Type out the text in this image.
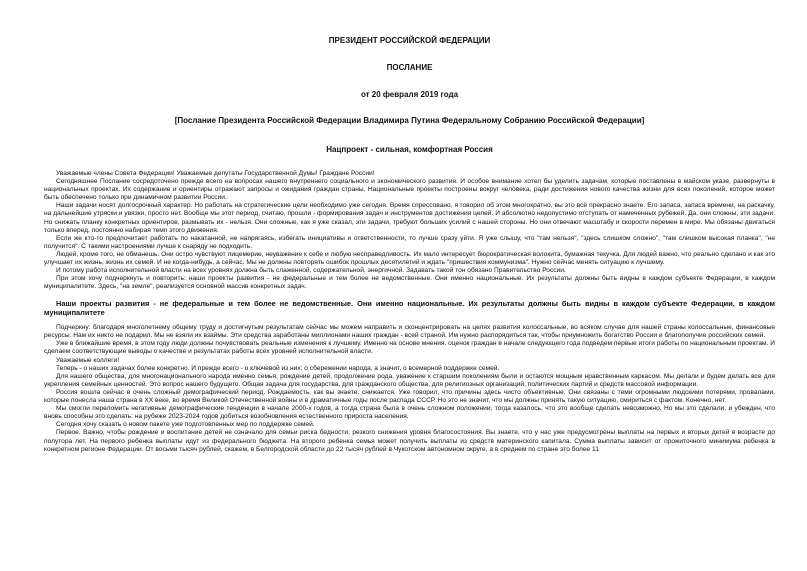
ПРЕЗИДЕНТ РОССИЙСКОЙ ФЕДЕРАЦИИ
ПОСЛАНИЕ
от 20 февраля 2019 года
[Послание Президента Российской Федерации Владимира Путина Федеральному Собранию Российской Федерации]
Нацпроект - сильная, комфортная Россия

Уважаемые члены Совета Федерации! Уважаемые депутаты Государственной Думы! Граждане России!

Сегодняшнее Послание сосредоточено прежде всего на вопросах нашего внутреннего социального и экономического развития. И особое внимание хотел бы уделить задачам, которые поставлены в майском указе, развернуты в национальных проектах. Их содержание и ориентиры отражают запросы и ожидания граждан страны. Национальные проекты построены вокруг человека, ради достижения нового качества жизни для всех поколений, которое может быть обеспечено только при динамичном развитии России.

Наши задачи носят долгосрочный характер. Но работать на стратегические цели необходимо уже сегодня. Время спрессовано, я говорил об этом многократно, вы это всё прекрасно знаете. Его запаса, запаса времени, на раскачку, на дальнейшие утряски и увязки, просто нет. Вообще мы этот период, считаю, прошли - формирования задач и инструментов достижения целей. И абсолютно недопустимо отступать от намеченных рубежей. Да, они сложны, эти задачи. Но снижать планку конкретных ориентиров, размывать их - нельзя. Они сложные, как я уже сказал, эти задачи, требуют больших усилий с нашей стороны. Но они отвечают масштабу и скорости перемен в мире. Мы обязаны двигаться только вперед, постоянно набирая темп этого движения.

Если же кто-то предпочитает работать по накатанной, не напрягаясь, избегать инициативы и ответственности, то лучше сразу уйти. Я уже слышу, что "там нельзя", "здесь слишком сложно", "там слишком высокая планка", "не получится". С такими настроениями лучше к снаряду не подходить.

Людей, кроме того, не обманешь. Они остро чувствуют лицемерие, неуважение к себе и любую несправедливость. Их мало интересует бюрократическая волокита, бумажная текучка. Для людей важно, что реально сделано и как это улучшает их жизнь, жизнь их семей. И не когда-нибудь, а сейчас. Мы не должны повторять ошибок прошлых десятилетий и ждать "пришествия коммунизма". Нужно сейчас менять ситуацию к лучшему.

И потому работа исполнительной власти на всех уровнях должна быть слаженной, содержательной, энергичной. Задавать такой тон обязано Правительство России.

При этом хочу подчеркнуть и повторить: наши проекты развития - не федеральные и тем более не ведомственные. Они именно национальные. Их результаты должны быть видны в каждом субъекте Федерации, в каждом муниципалитете. Здесь, "на земле", реализуется основной массив конкретных задач.

Наши проекты развития - не федеральные и тем более не ведомственные. Они именно национальные. Их результаты должны быть видны в каждом субъекте Федерации, в каждом муниципалитете

Подчеркну: благодаря многолетнему общему труду и достигнутым результатам сейчас мы можем направить и сконцентрировать на целях развития колоссальные, во всяком случае для нашей страны колоссальные, финансовые ресурсы. Нам их никто не подарил. Мы не взяли их взаймы. Эти средства заработаны миллионами наших граждан - всей страной. Им нужно распорядиться так, чтобы приумножить богатство России и благополучие российских семей.

Уже в ближайшие время, в этом году люди должны почувствовать реальные изменения к лучшему. Именно на основе мнения, оценок граждан в начале следующего года подведем первые итоги работы по национальным проектам. И сделаем соответствующие выводы о качестве и результатах работы всех уровней исполнительной власти.

Уважаемые коллеги!

Теперь - о наших задачах более конкретно. И прежде всего - о ключевой из них: о сбережении народа, а значит, о всемерной поддержке семей.

Для нашего общества, для многонационального народа именно семья, рождение детей, продолжение рода, уважение к старшим поколениям были и остаются мощным нравственным каркасом. Мы делали и будем делать все для укрепления семейных ценностей. Это вопрос нашего будущего. Общая задача для государства, для гражданского общества, для религиозных организаций, политических партий и средств массовой информации.

Россия вошла сейчас в очень сложный демографический период. Рождаемость, как вы знаете, снижается. Уже говорил, что причины здесь чисто объективные. Они связаны с теми огромными людскими потерями, провалами, которые понесла наша страна в ХХ веке, во время Великой Отечественной войны и в драматичные годы после распада СССР. Но это не значит, что мы должны принять такую ситуацию, смириться с фактом. Конечно, нет.

Мы смогли переломить негативные демографические тенденции в начале 2000-х годов, а тогда страна была в очень сложном положении, тогда казалось, что это вообще сделать невозможно. Но мы это сделали, и убежден, что вновь способны это сделать: на рубеже 2023-2024 годов добиться возобновления естественного прироста населения.

Сегодня хочу сказать о новом пакете уже подготовленных мер по поддержке семей.

Первое. Важно, чтобы рождение и воспитание детей не означало для семьи риска бедности, резкого снижения уровня благосостояния. Вы знаете, что у нас уже предусмотрены выплаты на первых и вторых детей в возрасте до полутора лет. На первого ребенка выплаты идут из федерального бюджета. На второго ребенка семья может получить выплаты из средств материнского капитала. Сумма выплаты зависит от прожиточного минимума ребенка в конкретном регионе Федерации. От восьми тысяч рублей, скажем, в Белгородской области до 22 тысяч рублей в Чукотском автономном округе, а в среднем по стране это более 11
